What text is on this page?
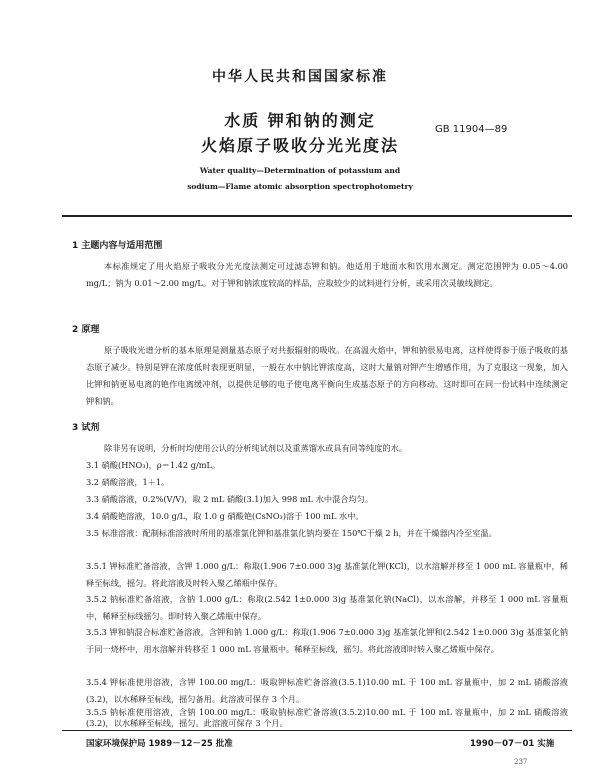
中华人民共和国国家标准
水质 钾和钠的测定
火焰原子吸收分光光度法
GB 11904—89
Water quality—Determination of potassium and
sodium—Flame atomic absorption spectrophotometry
1 主题内容与适用范围
本标准规定了用火焰原子吸收分光光度法测定可过滤态钾和钠。他适用于地面水和饮用水测定。测定范围钾为 0.05～4.00 mg/L；钠为 0.01～2.00 mg/L。对于钾和钠浓度较高的样品，应取较少的试料进行分析，或采用次灵敏线测定。
2 原理
原子吸收光谱分析的基本原理是测量基态原子对共振辐射的吸收。在高温火焰中，钾和钠很易电离，这样使得参于原子吸收的基态原子减少。特别是钾在浓度低时表现更明显，一般在水中钠比钾浓度高，这时大量钠对钾产生增感作用，为了克服这一现象，加入比钾和钠更易电离的铯作电离缓冲剂，以提供足够的电子使电离平衡向生成基态原子的方向移动。这时即可在同一份试料中连续测定钾和钠。
3 试剂
除非另有说明，分析时均使用公认的分析纯试剂以及重蒸馏水或具有同等纯度的水。
3.1 硝酸(HNO₃)，ρ＝1.42 g/mL。
3.2 硝酸溶液，1＋1。
3.3 硝酸溶液，0.2%(V/V)，取 2 mL 硝酸(3.1)加入 998 mL 水中混合均匀。
3.4 硝酸铯溶液，10.0 g/L，取 1.0 g 硝酸铯(CsNO₃)溶于 100 mL 水中。
3.5 标准溶液：配制标准溶液时所用的基准氯化钾和基准氯化钠均要在 150℃干燥 2 h，并在干燥器内冷至室温。
3.5.1 钾标准贮备溶液，含钾 1.000 g/L：称取(1.906 7±0.000 3)g 基准氯化钾(KCl)，以水溶解并移至 1 000 mL 容量瓶中，稀释至标线，摇匀。将此溶液及时转入聚乙烯瓶中保存。
3.5.2 钠标准贮备溶液，含钠 1.000 g/L：称取(2.542 1±0.000 3)g 基准氯化钠(NaCl)，以水溶解，并移至 1 000 mL 容量瓶中，稀释至标线摇匀。即时转入聚乙烯瓶中保存。
3.5.3 钾和钠混合标准贮备溶液，含钾和钠 1.000 g/L：称取(1.906 7±0.000 3)g 基准氯化钾和(2.542 1±0.000 3)g 基准氯化钠于同一烧杯中，用水溶解并转移至 1 000 mL 容量瓶中。稀释至标线，摇匀。将此溶液即时转入聚乙烯瓶中保存。
3.5.4 钾标准使用溶液，含钾 100.00 mg/L：吸取钾标准贮备溶液(3.5.1)10.00 mL 于 100 mL 容量瓶中，加 2 mL 硝酸溶液(3.2)，以水稀释至标线，摇匀备用。此溶液可保存 3 个月。
3.5.5 钠标准使用溶液，含钠 100.00 mg/L：吸取钠标准贮备溶液(3.5.2)10.00 mL 于 100 mL 容量瓶中，加 2 mL 硝酸溶液(3.2)，以水稀释至标线，摇匀。此溶液可保存 3 个月。
国家环境保护局 1989－12－25 批准	1990－07－01 实施
237
